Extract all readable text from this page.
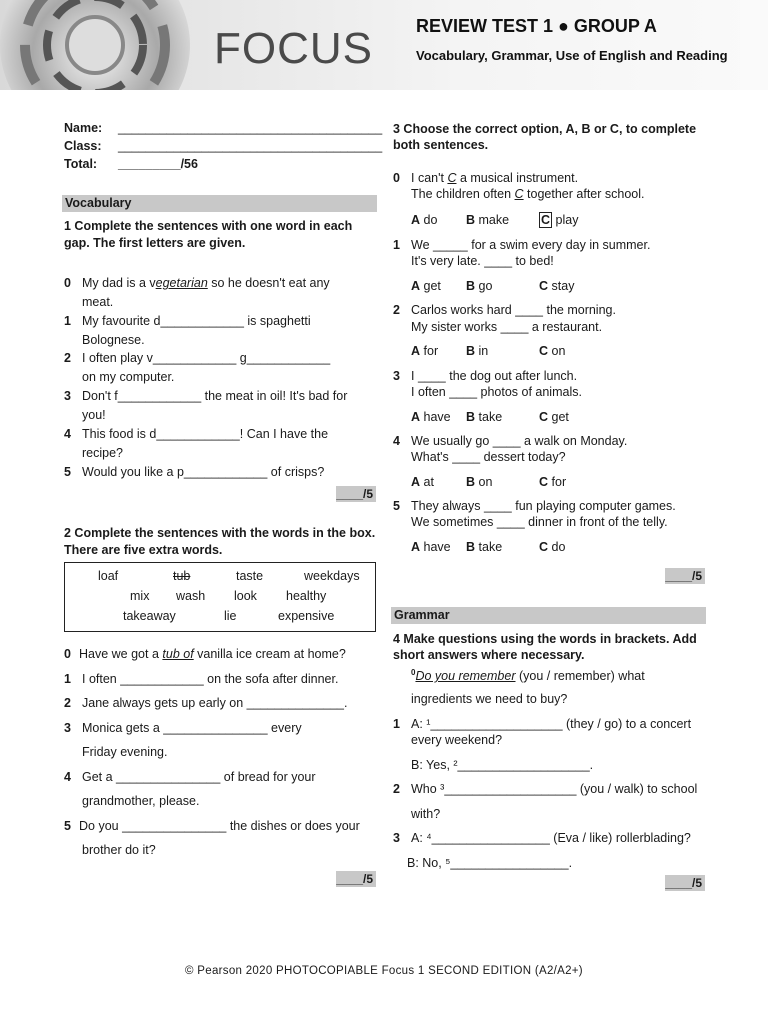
FOCUS REVIEW TEST 1 ● GROUP A
Vocabulary, Grammar, Use of English and Reading
Name: ______________________________________
Class: ______________________________________
Total: _________/56
Vocabulary
1 Complete the sentences with one word in each
gap. The first letters are given.
0 My dad is a vegetarian so he doesn't eat any
meat.
1 My favourite d____________ is spaghetti
Bolognese.
2 I often play v____________ g____________
on my computer.
3 Don't f____________ the meat in oil! It's bad for
you!
4 This food is d____________! Can I have the
recipe?
5 Would you like a p____________ of crisps?
____/5
2 Complete the sentences with the words in the box.
There are five extra words.
loaf	tub	taste	weekdays
mix wash look healthy
takeaway	lie	expensive
0 Have we got a tub of vanilla ice cream at home?
1 I often ____________ on the sofa after dinner.
2 Jane always gets up early on ______________.
3 Monica gets a _______________ every
Friday evening.
4 Get a _______________ of bread for your
grandmother, please.
5 Do you _______________ the dishes or does your
brother do it?
____/5
3 Choose the correct option, A, B or C, to complete
both sentences.
0 I can't C a musical instrument.
The children often C together after school.
A do B make	C play
1 We _____ for a swim every day in summer.
It's very late. ____ to bed!
A get B go	C stay
2 Carlos works hard ____ the morning.
My sister works ____ a restaurant.
A for B in	C on
3 I ____ the dog out after lunch.
I often ____ photos of animals.
A have B take	C get
4 We usually go ____ a walk on Monday.
What's ____ dessert today?
A at	B on	C for
5 They always ____ fun playing computer games.
We sometimes ____ dinner in front of the telly.
A have B take	C do
____/5
Grammar
4 Make questions using the words in brackets. Add
short answers where necessary.
$^0$Do you remember (you / remember) what
ingredients we need to buy?
1 A: ¹___________________ (they / go) to a concert
every weekend?
B: Yes, ²___________________.
2 Who ³___________________ (you / walk) to school
with?
3 A: ⁴_________________ (Eva / like) rollerblading?
B: No, ⁵_________________.
____/5
© Pearson 2020 PHOTOCOPIABLE Focus 1 SECOND EDITION (A2/A2+)
